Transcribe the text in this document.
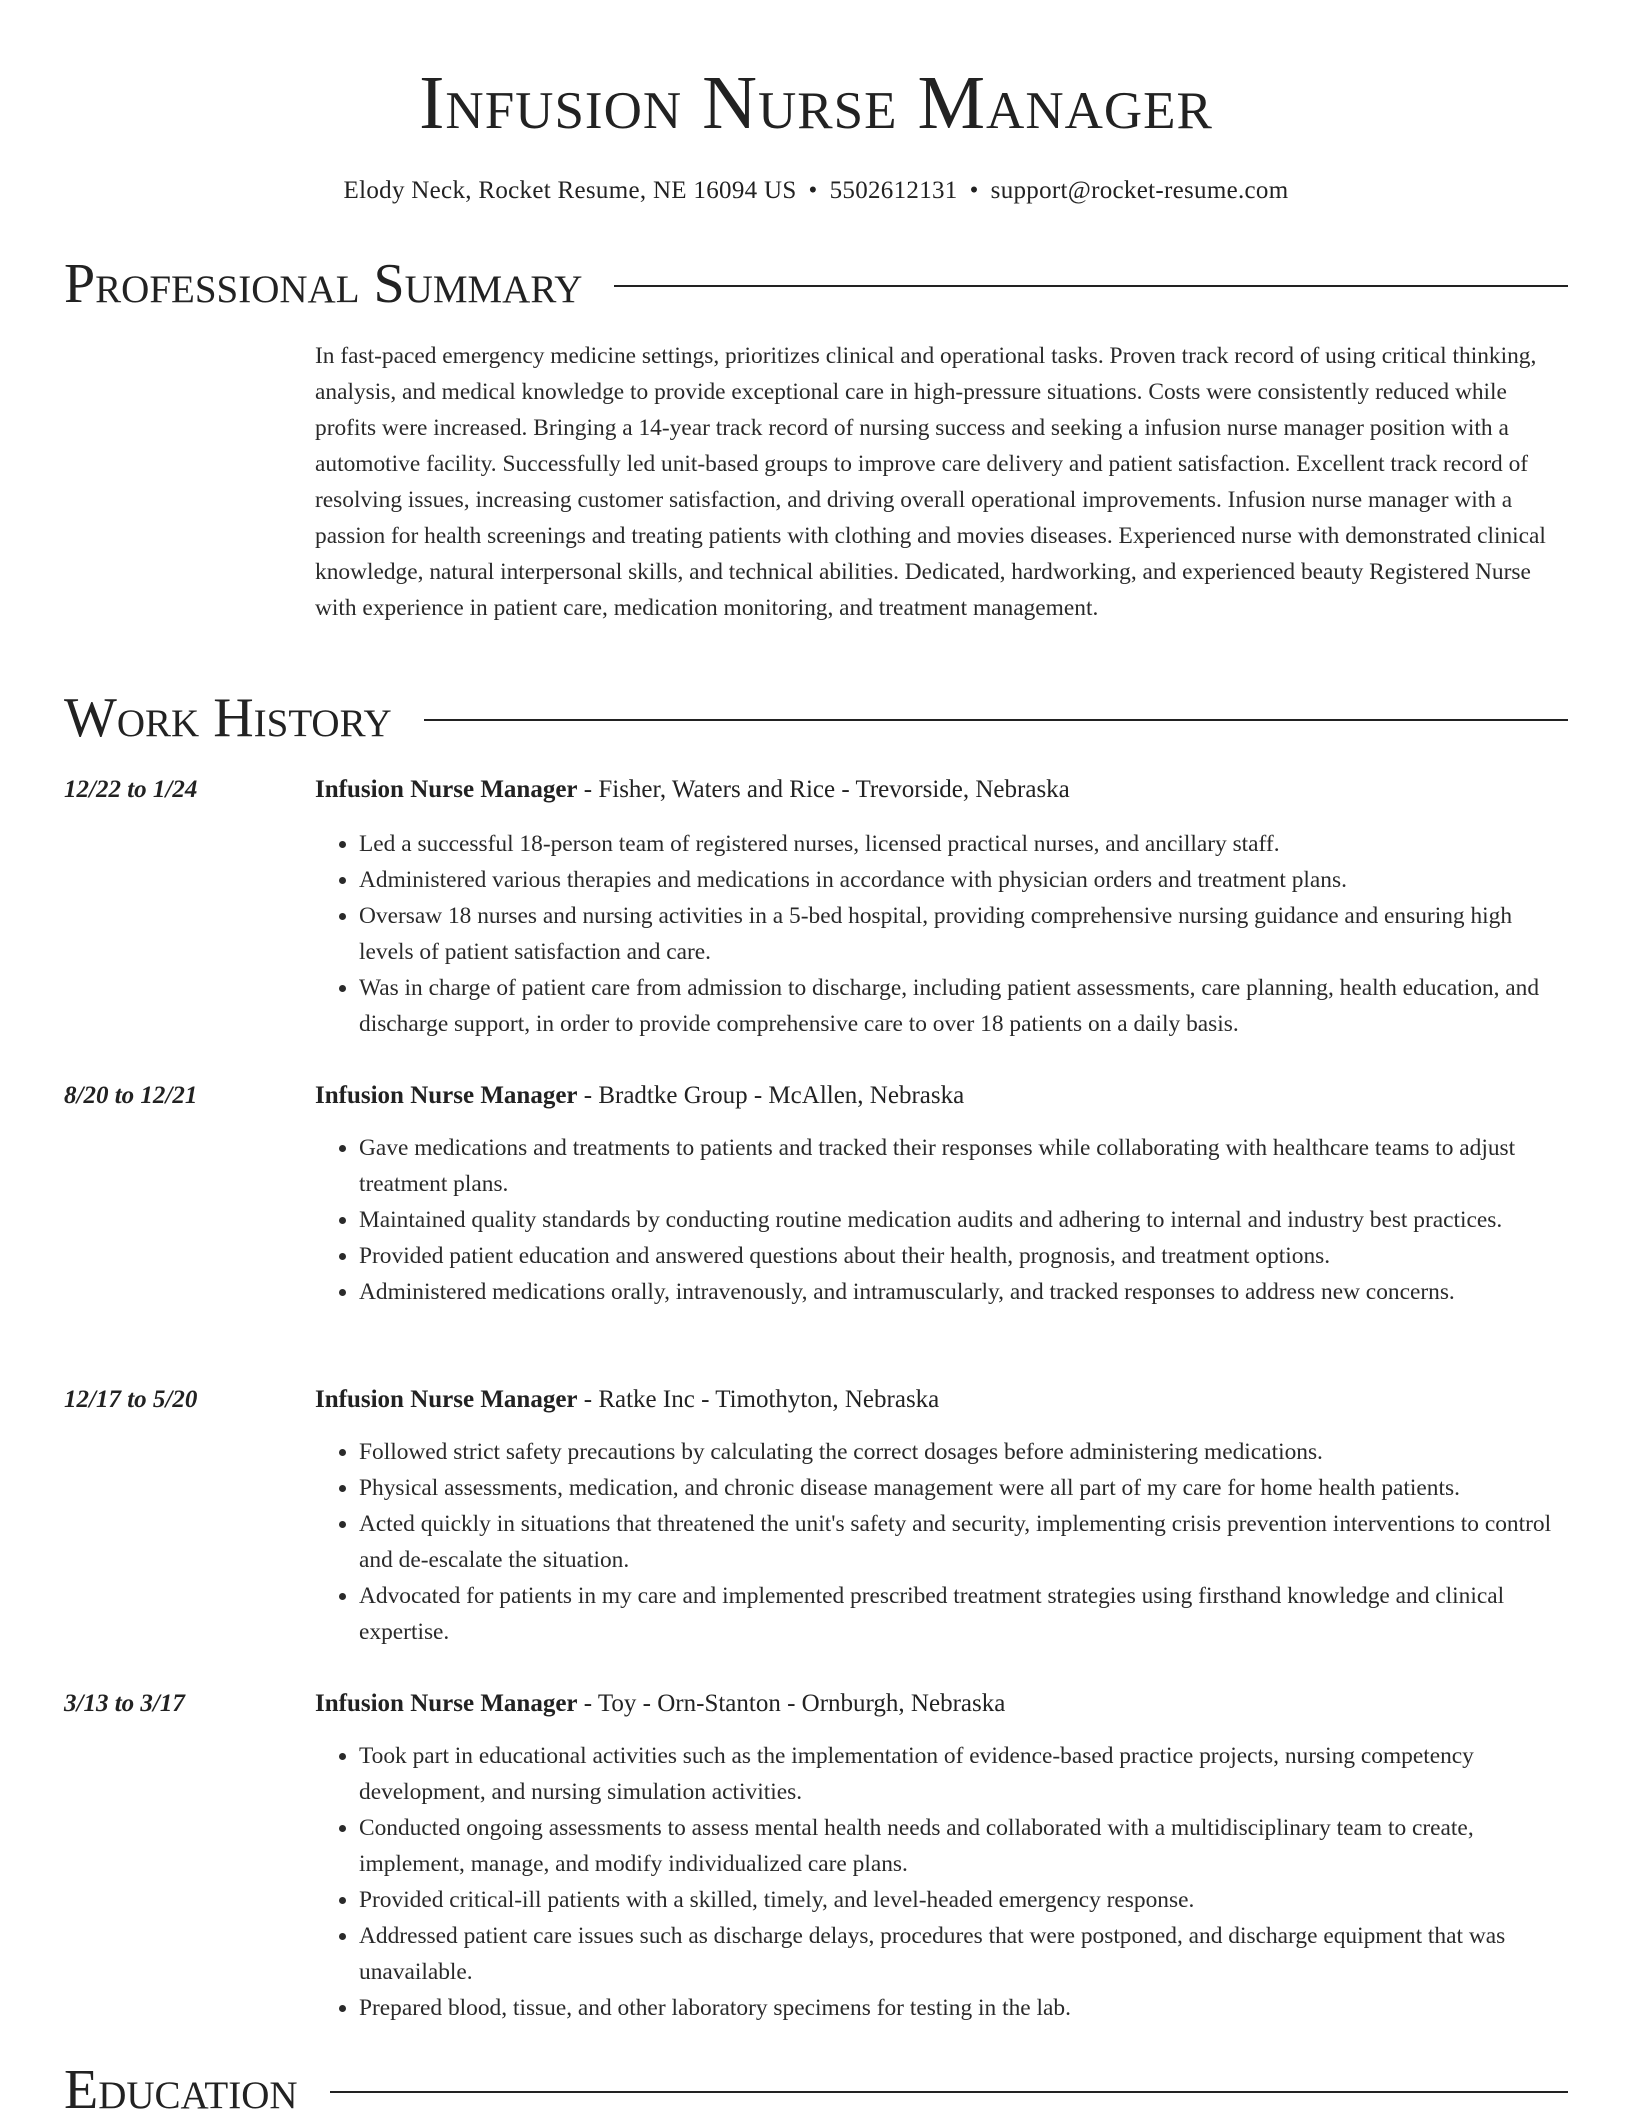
Infusion Nurse Manager
Elody Neck, Rocket Resume, NE 16094 US • 5502612131 • support@rocket-resume.com
Professional Summary

In fast-paced emergency medicine settings, prioritizes clinical and operational tasks. Proven track record of using critical thinking, analysis, and medical knowledge to provide exceptional care in high-pressure situations. Costs were consistently reduced while profits were increased. Bringing a 14-year track record of nursing success and seeking a infusion nurse manager position with a automotive facility. Successfully led unit-based groups to improve care delivery and patient satisfaction. Excellent track record of resolving issues, increasing customer satisfaction, and driving overall operational improvements. Infusion nurse manager with a passion for health screenings and treating patients with clothing and movies diseases. Experienced nurse with demonstrated clinical knowledge, natural interpersonal skills, and technical abilities. Dedicated, hardworking, and experienced beauty Registered Nurse with experience in patient care, medication monitoring, and treatment management.

Work History
12/22 to 1/24	Infusion Nurse Manager - Fisher, Waters and Rice - Trevorside, Nebraska
• Led a successful 18-person team of registered nurses, licensed practical nurses, and ancillary staff.
• Administered various therapies and medications in accordance with physician orders and treatment plans.
• Oversaw 18 nurses and nursing activities in a 5-bed hospital, providing comprehensive nursing guidance and ensuring high levels of patient satisfaction and care.
• Was in charge of patient care from admission to discharge, including patient assessments, care planning, health education, and discharge support, in order to provide comprehensive care to over 18 patients on a daily basis.
8/20 to 12/21	Infusion Nurse Manager - Bradtke Group - McAllen, Nebraska
• Gave medications and treatments to patients and tracked their responses while collaborating with healthcare teams to adjust treatment plans.
• Maintained quality standards by conducting routine medication audits and adhering to internal and industry best practices.
• Provided patient education and answered questions about their health, prognosis, and treatment options.
• Administered medications orally, intravenously, and intramuscularly, and tracked responses to address new concerns.
12/17 to 5/20	Infusion Nurse Manager - Ratke Inc - Timothyton, Nebraska
• Followed strict safety precautions by calculating the correct dosages before administering medications.
• Physical assessments, medication, and chronic disease management were all part of my care for home health patients.
• Acted quickly in situations that threatened the unit's safety and security, implementing crisis prevention interventions to control and de-escalate the situation.
• Advocated for patients in my care and implemented prescribed treatment strategies using firsthand knowledge and clinical expertise.
3/13 to 3/17	Infusion Nurse Manager - Toy - Orn-Stanton - Ornburgh, Nebraska
• Took part in educational activities such as the implementation of evidence-based practice projects, nursing competency development, and nursing simulation activities.
• Conducted ongoing assessments to assess mental health needs and collaborated with a multidisciplinary team to create, implement, manage, and modify individualized care plans.
• Provided critical-ill patients with a skilled, timely, and level-headed emergency response.
• Addressed patient care issues such as discharge delays, procedures that were postponed, and discharge equipment that was unavailable.
• Prepared blood, tissue, and other laboratory specimens for testing in the lab.
Education
